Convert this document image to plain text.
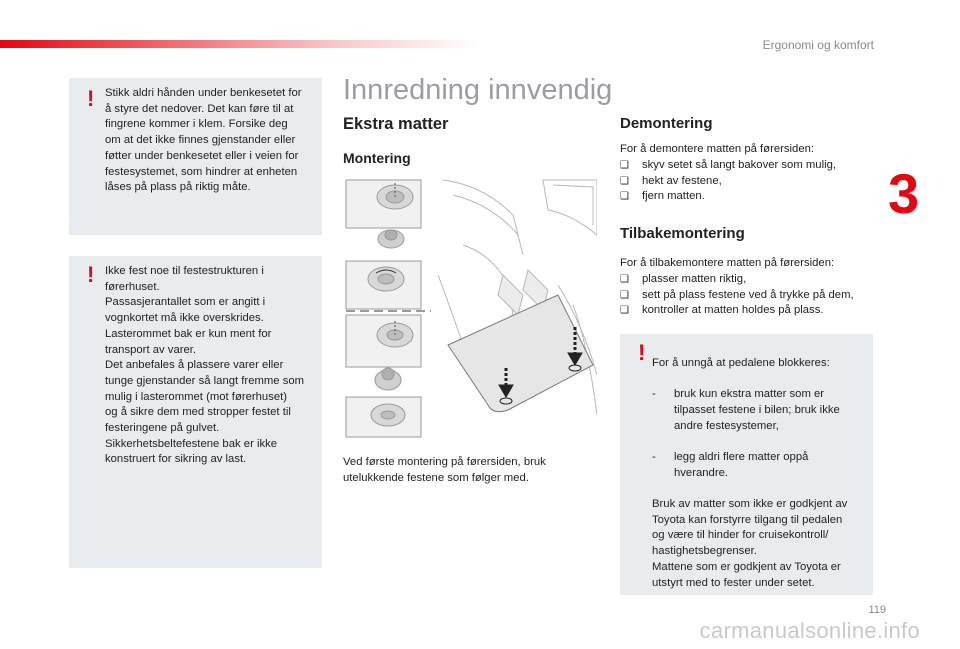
Ergonomi og komfort
3
! Stikk aldri hånden under benkesetet for
å styre det nedover. Det kan føre til at
fingrene kommer i klem. Forsike deg
om at det ikke finnes gjenstander eller
føtter under benkesetet eller i veien for
festesystemet, som hindrer at enheten
låses på plass på riktig måte.
! Ikke fest noe til festestrukturen i
førerhuset.
Passasjerantallet som er angitt i
vognkortet må ikke overskrides.
Lasterommet bak er kun ment for
transport av varer.
Det anbefales å plassere varer eller
tunge gjenstander så langt fremme som
mulig i lasterommet (mot førerhuset)
og å sikre dem med stropper festet til
festeringene på gulvet.
Sikkerhetsbeltefestene bak er ikke
konstruert for sikring av last.
Innredning innvendig
Ekstra matter
Montering
Ved første montering på førersiden, bruk
utelukkende festene som følger med.
Demontering
For å demontere matten på førersiden:
❑	skyv setet så langt bakover som mulig,
❑	hekt av festene,
❑	fjern matten.
Tilbakemontering
For å tilbakemontere matten på førersiden:
❑	plasser matten riktig,
❑	sett på plass festene ved å trykke på dem,
❑	kontroller at matten holdes på plass.
! For å unngå at pedalene blokkeres:

-	bruk kun ekstra matter som er
tilpasset festene i bilen; bruk ikke
andre festesystemer,

-	legg aldri flere matter oppå
hverandre.

Bruk av matter som ikke er godkjent av
Toyota kan forstyrre tilgang til pedalen
og være til hinder for cruisekontroll/
hastighetsbegrenser.
Mattene som er godkjent av Toyota er
utstyrt med to fester under setet.

119
carmanualsonline.info
